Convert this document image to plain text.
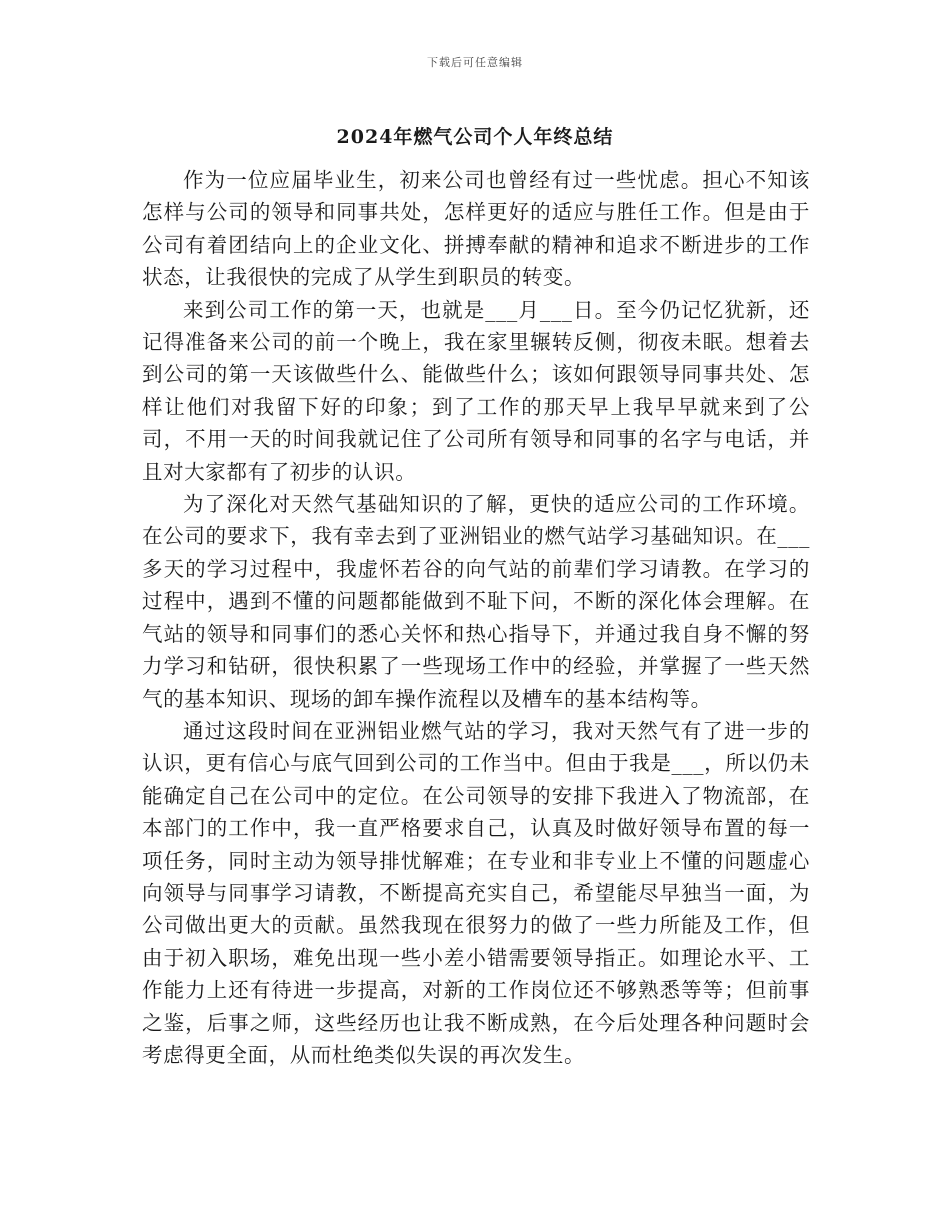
下载后可任意编辑
2024年燃气公司个人年终总结

作为一位应届毕业生，初来公司也曾经有过一些忧虑。担心不知该怎样与公司的领导和同事共处，怎样更好的适应与胜任工作。但是由于公司有着团结向上的企业文化、拼搏奉献的精神和追求不断进步的工作状态，让我很快的完成了从学生到职员的转变。

来到公司工作的第一天，也就是___月___日。至今仍记忆犹新，还记得准备来公司的前一个晚上，我在家里辗转反侧，彻夜未眠。想着去到公司的第一天该做些什么、能做些什么；该如何跟领导同事共处、怎样让他们对我留下好的印象；到了工作的那天早上我早早就来到了公司，不用一天的时间我就记住了公司所有领导和同事的名字与电话，并且对大家都有了初步的认识。

为了深化对天然气基础知识的了解，更快的适应公司的工作环境。在公司的要求下，我有幸去到了亚洲铝业的燃气站学习基础知识。在___多天的学习过程中，我虚怀若谷的向气站的前辈们学习请教。在学习的过程中，遇到不懂的问题都能做到不耻下问，不断的深化体会理解。在气站的领导和同事们的悉心关怀和热心指导下，并通过我自身不懈的努力学习和钻研，很快积累了一些现场工作中的经验，并掌握了一些天然气的基本知识、现场的卸车操作流程以及槽车的基本结构等。

通过这段时间在亚洲铝业燃气站的学习，我对天然气有了进一步的认识，更有信心与底气回到公司的工作当中。但由于我是___，所以仍未能确定自己在公司中的定位。在公司领导的安排下我进入了物流部，在本部门的工作中，我一直严格要求自己，认真及时做好领导布置的每一项任务，同时主动为领导排忧解难；在专业和非专业上不懂的问题虚心向领导与同事学习请教，不断提高充实自己，希望能尽早独当一面，为公司做出更大的贡献。虽然我现在很努力的做了一些力所能及工作，但由于初入职场，难免出现一些小差小错需要领导指正。如理论水平、工作能力上还有待进一步提高，对新的工作岗位还不够熟悉等等；但前事之鉴，后事之师，这些经历也让我不断成熟，在今后处理各种问题时会考虑得更全面，从而杜绝类似失误的再次发生。
